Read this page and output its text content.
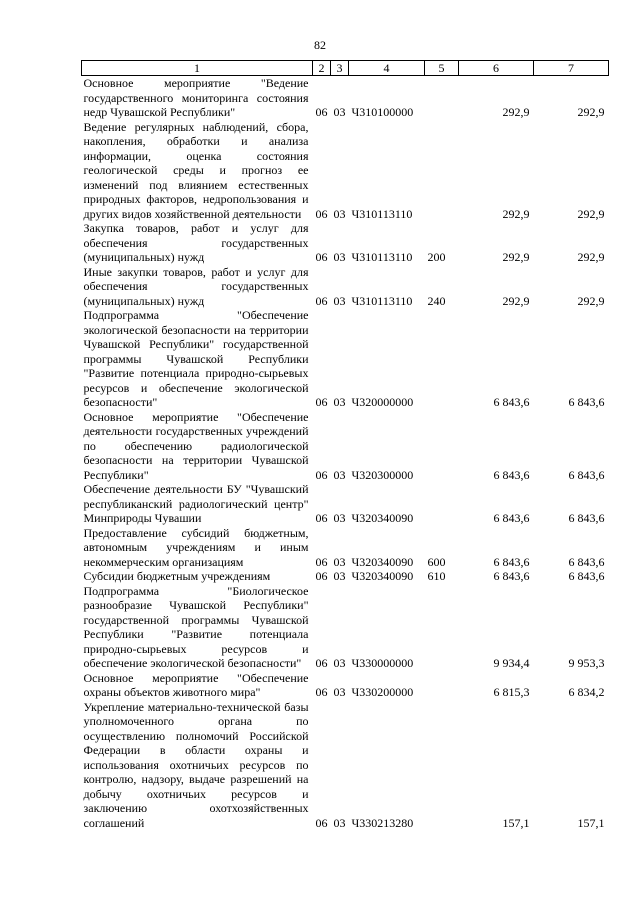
82
1	2	3	4	5	6	7
Основное мероприятие "Ведение государственного мониторинга состояния недр Чувашской Республики"	06	03	Ч310100000		292,9	292,9
Ведение регулярных наблюдений, сбора, накопления, обработки и анализа информации, оценка состояния геологической среды и прогноз ее изменений под влиянием естественных природных факторов, недропользования и других видов хозяйственной деятельности	06	03	Ч310113110		292,9	292,9
Закупка товаров, работ и услуг для обеспечения государственных (муниципальных) нужд	06	03	Ч310113110	200	292,9	292,9
Иные закупки товаров, работ и услуг для обеспечения государственных (муниципальных) нужд	06	03	Ч310113110	240	292,9	292,9
Подпрограмма "Обеспечение экологической безопасности на территории Чувашской Республики" государственной программы Чувашской Республики "Развитие потенциала природно-сырьевых ресурсов и обеспечение экологической безопасности"	06	03	Ч320000000		6 843,6	6 843,6
Основное мероприятие "Обеспечение деятельности государственных учреждений по обеспечению радиологической безопасности на территории Чувашской Республики"	06	03	Ч320300000		6 843,6	6 843,6
Обеспечение деятельности БУ "Чувашский республиканский радиологический центр" Минприроды Чувашии	06	03	Ч320340090		6 843,6	6 843,6
Предоставление субсидий бюджетным, автономным учреждениям и иным некоммерческим организациям	06	03	Ч320340090	600	6 843,6	6 843,6
Субсидии бюджетным учреждениям	06	03	Ч320340090	610	6 843,6	6 843,6
Подпрограмма "Биологическое разнообразие Чувашской Республики" государственной программы Чувашской Республики "Развитие потенциала природно-сырьевых ресурсов и обеспечение экологической безопасности"	06	03	Ч330000000		9 934,4	9 953,3
Основное мероприятие "Обеспечение охраны объектов животного мира"	06	03	Ч330200000		6 815,3	6 834,2
Укрепление материально-технической базы уполномоченного органа по осуществлению полномочий Российской Федерации в области охраны и использования охотничьих ресурсов по контролю, надзору, выдаче разрешений на добычу охотничьих ресурсов и заключению охотхозяйственных соглашений	06	03	Ч330213280		157,1	157,1
